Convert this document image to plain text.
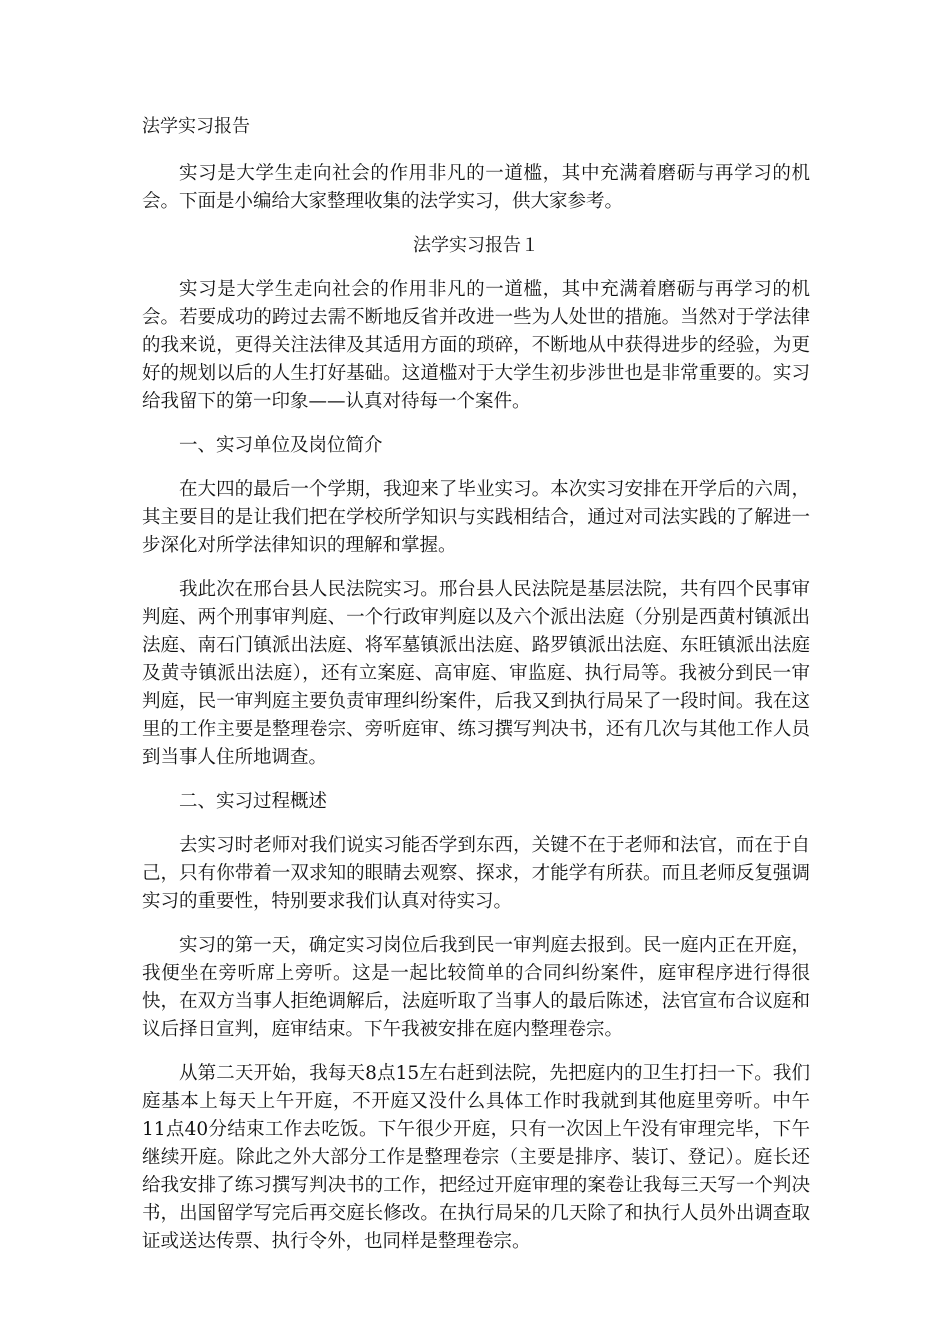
法学实习报告

实习是大学生走向社会的作用非凡的一道槛，其中充满着磨砺与再学习的机会。下面是小编给大家整理收集的法学实习，供大家参考。

法学实习报告１

实习是大学生走向社会的作用非凡的一道槛，其中充满着磨砺与再学习的机会。若要成功的跨过去需不断地反省并改进一些为人处世的措施。当然对于学法律的我来说，更得关注法律及其适用方面的琐碎，不断地从中获得进步的经验，为更好的规划以后的人生打好基础。这道槛对于大学生初步涉世也是非常重要的。实习给我留下的第一印象——认真对待每一个案件。

一、实习单位及岗位简介

在大四的最后一个学期，我迎来了毕业实习。本次实习安排在开学后的六周，其主要目的是让我们把在学校所学知识与实践相结合，通过对司法实践的了解进一步深化对所学法律知识的理解和掌握。

我此次在邢台县人民法院实习。邢台县人民法院是基层法院，共有四个民事审判庭、两个刑事审判庭、一个行政审判庭以及六个派出法庭（分别是西黄村镇派出法庭、南石门镇派出法庭、将军墓镇派出法庭、路罗镇派出法庭、东旺镇派出法庭及黄寺镇派出法庭），还有立案庭、高审庭、审监庭、执行局等。我被分到民一审判庭，民一审判庭主要负责审理纠纷案件，后我又到执行局呆了一段时间。我在这里的工作主要是整理卷宗、旁听庭审、练习撰写判决书，还有几次与其他工作人员到当事人住所地调查。

二、实习过程概述

去实习时老师对我们说实习能否学到东西，关键不在于老师和法官，而在于自己，只有你带着一双求知的眼睛去观察、探求，才能学有所获。而且老师反复强调实习的重要性，特别要求我们认真对待实习。

实习的第一天，确定实习岗位后我到民一审判庭去报到。民一庭内正在开庭，我便坐在旁听席上旁听。这是一起比较简单的合同纠纷案件，庭审程序进行得很快，在双方当事人拒绝调解后，法庭听取了当事人的最后陈述，法官宣布合议庭和议后择日宣判，庭审结束。下午我被安排在庭内整理卷宗。

从第二天开始，我每天8点15左右赶到法院，先把庭内的卫生打扫一下。我们庭基本上每天上午开庭，不开庭又没什么具体工作时我就到其他庭里旁听。中午11点40分结束工作去吃饭。下午很少开庭，只有一次因上午没有审理完毕，下午继续开庭。除此之外大部分工作是整理卷宗（主要是排序、装订、登记）。庭长还给我安排了练习撰写判决书的工作，把经过开庭审理的案卷让我每三天写一个判决书，出国留学写完后再交庭长修改。在执行局呆的几天除了和执行人员外出调查取证或送达传票、执行令外，也同样是整理卷宗。
